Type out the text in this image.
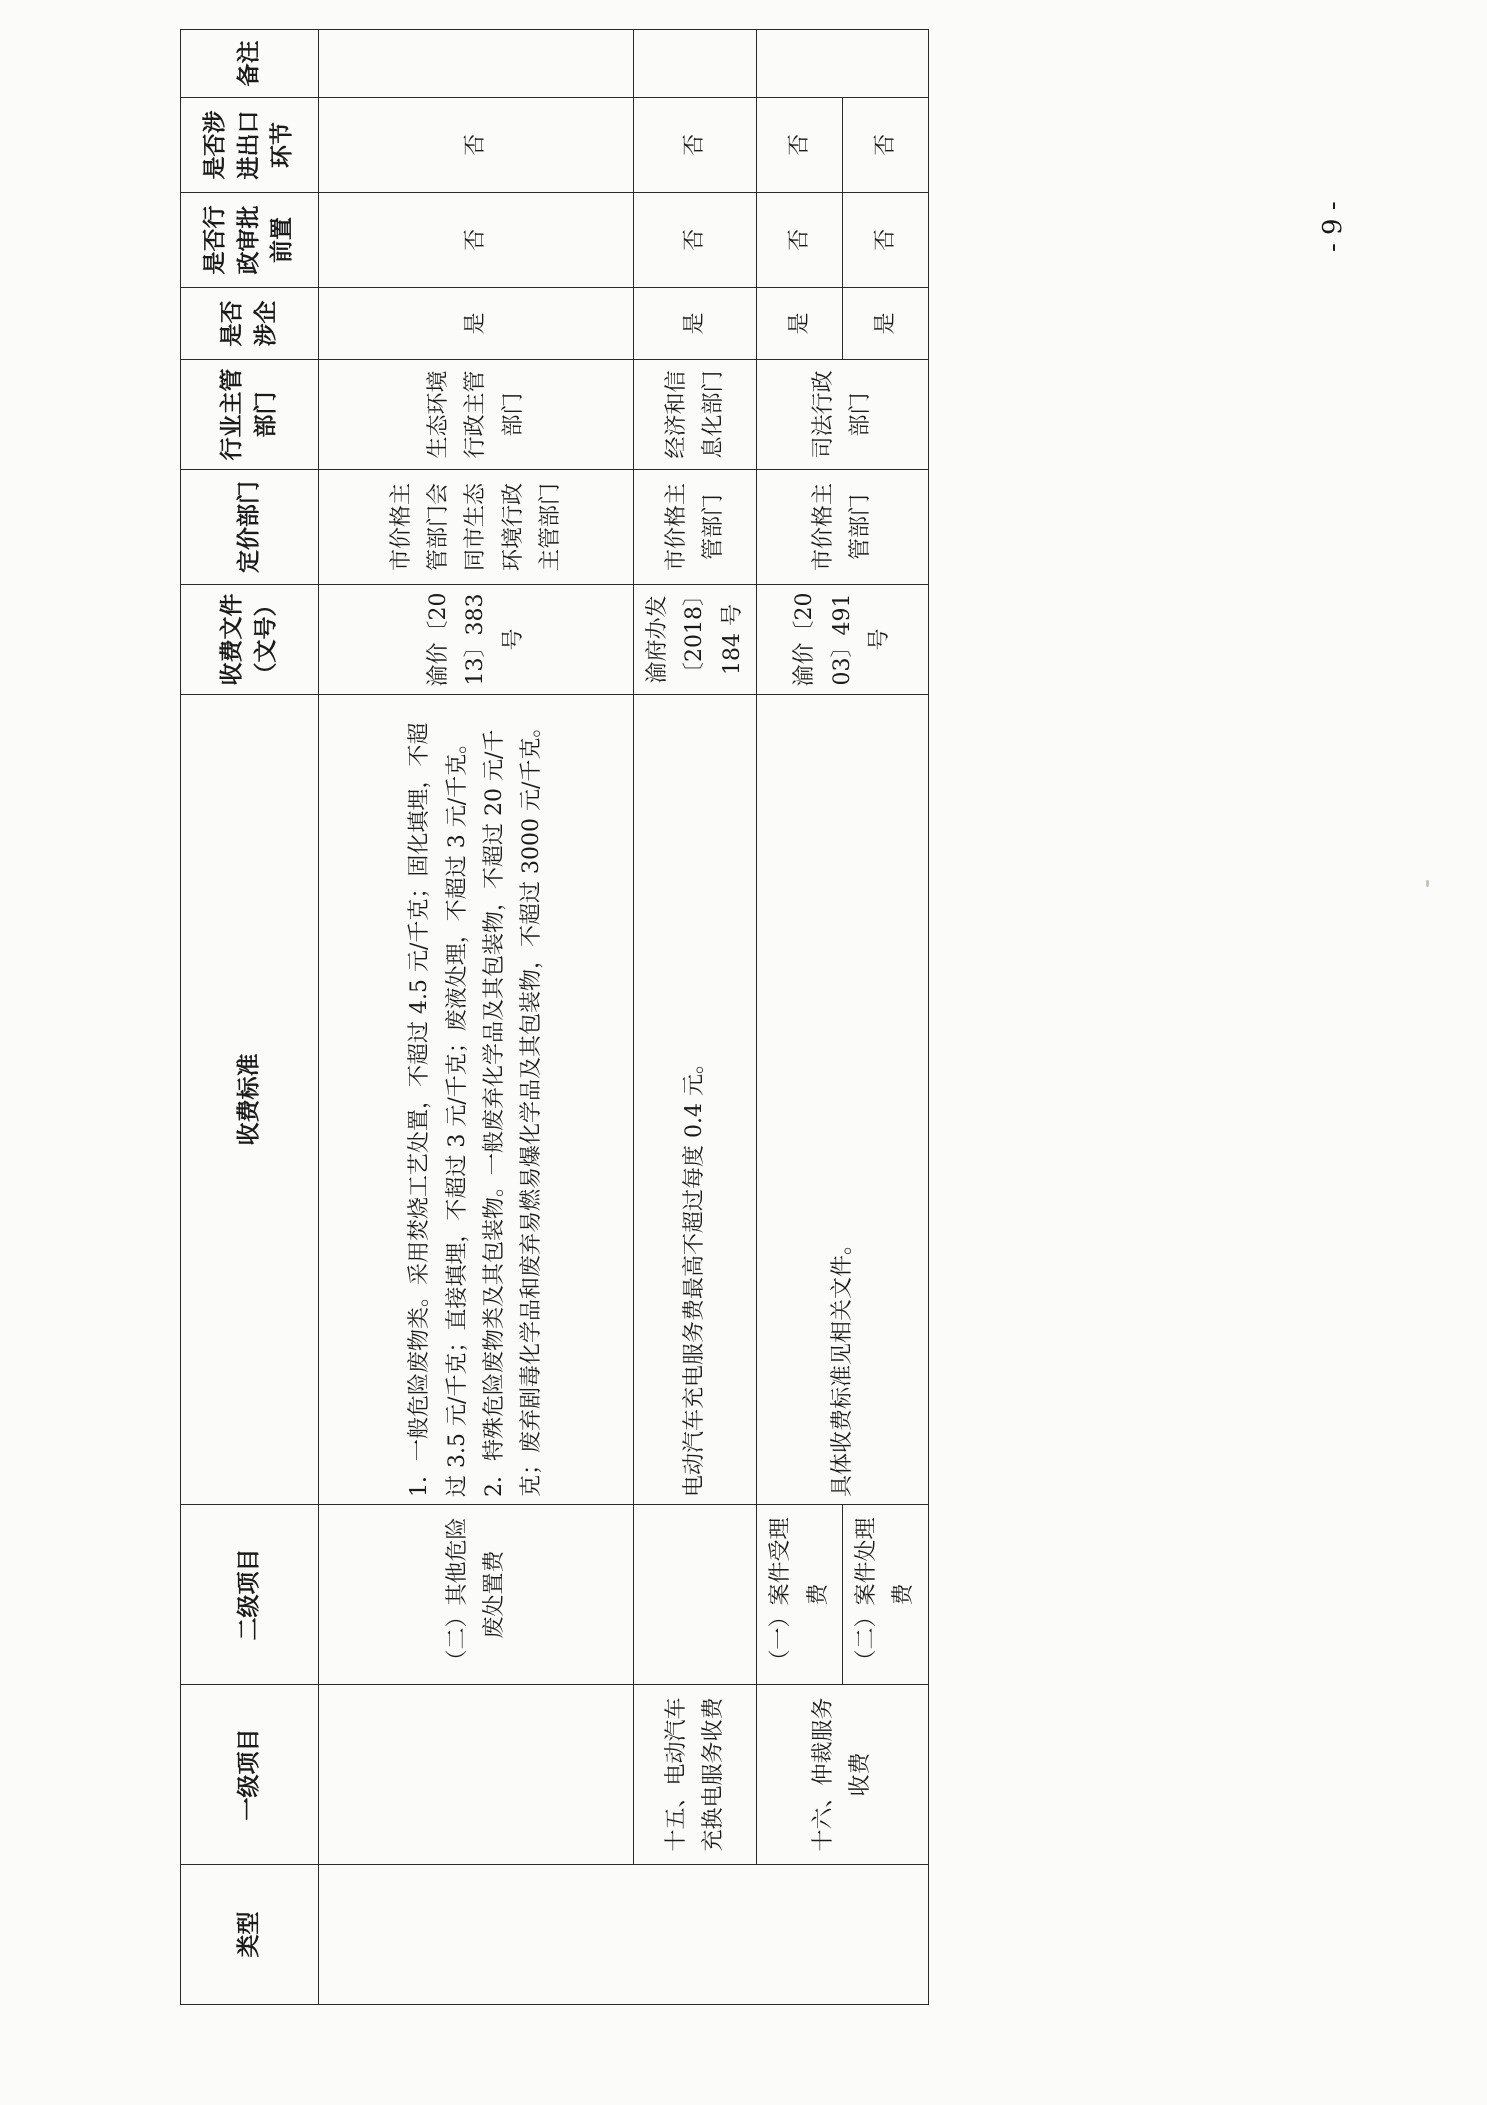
类型	一级项目	二级项目	收费标准	收费文件（文号）	定价部门	行业主管部门	是否涉企	是否行政审批前置	是否涉进出口环节	备注
		（二）其他危险废处置费	1．一般危险废物类。采用焚烧工艺处置，不超过 4.5 元/千克；固化填埋，不超过 3.5 元/千克；直接填埋，不超过 3 元/千克；废液处理，不超过 3 元/千克。 2．特殊危险废物类及其包装物。一般废弃化学品及其包装物，不超过 20 元/千克；废弃剧毒化学品和废弃易燃易爆化学品及其包装物，不超过 3000 元/千克。	渝价〔2013〕383 号	市价格主管部门会同市生态环境行政主管部门	生态环境行政主管部门	是	否	否	
	十五、电动汽车充换电服务收费		电动汽车充电服务费最高不超过每度 0.4 元。	渝府办发〔2018〕184 号	市价格主管部门	经济和信息化部门	是	否	否	
	十六、仲裁服务收费	（一）案件受理费	具体收费标准见相关文件。	渝价〔2003〕491 号	市价格主管部门	司法行政部门	是	否	否	
		（二）案件处理费					是	否	否	
- 9 -
